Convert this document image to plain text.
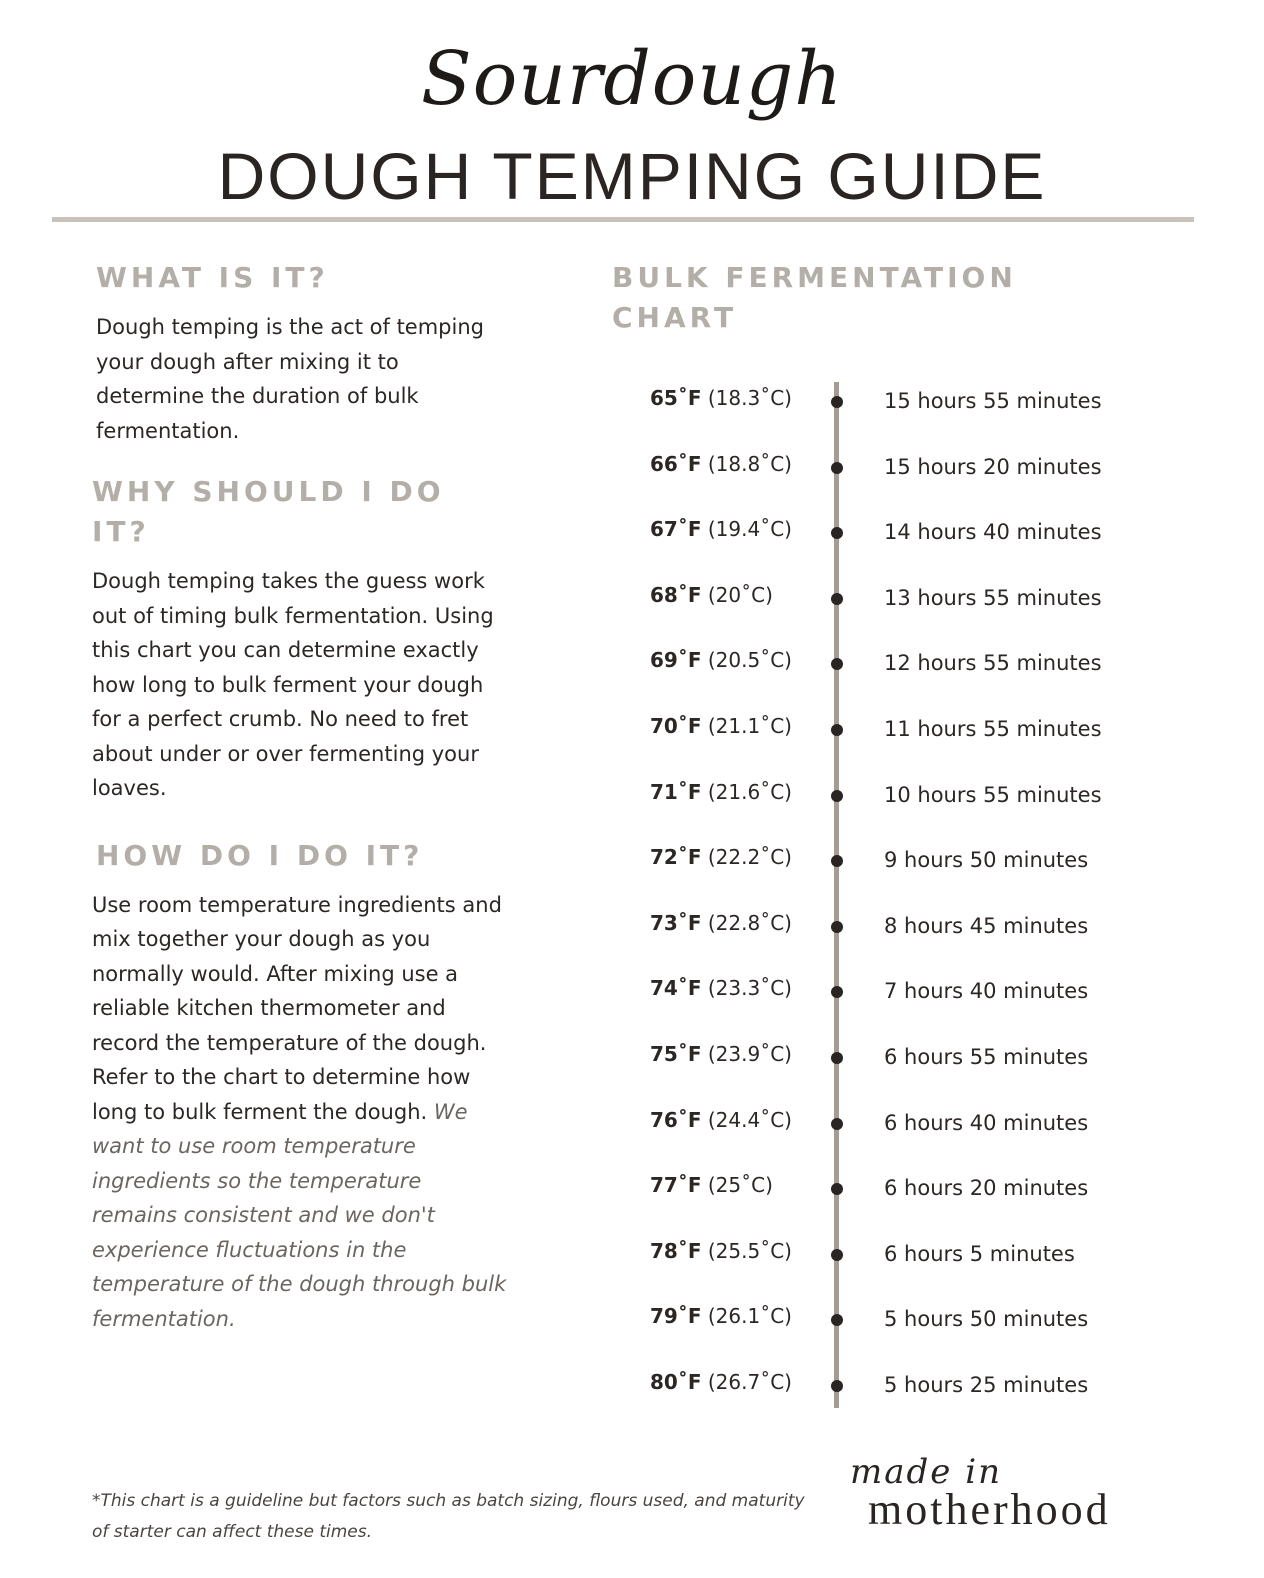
Sourdough
DOUGH TEMPING GUIDE
WHAT IS IT?

Dough temping is the act of temping your dough after mixing it to determine the duration of bulk fermentation.

WHY SHOULD I DO IT?

Dough temping takes the guess work out of timing bulk fermentation. Using this chart you can determine exactly how long to bulk ferment your dough for a perfect crumb. No need to fret about under or over fermenting your loaves.

HOW DO I DO IT?

Use room temperature ingredients and mix together your dough as you normally would. After mixing use a reliable kitchen thermometer and record the temperature of the dough. Refer to the chart to determine how long to bulk ferment the dough. We want to use room temperature ingredients so the temperature remains consistent and we don't experience fluctuations in the temperature of the dough through bulk fermentation.

BULK FERMENTATION CHART
65˚F (18.3˚C)	15 hours 55 minutes
66˚F (18.8˚C)	15 hours 20 minutes
67˚F (19.4˚C)	14 hours 40 minutes
68˚F (20˚C)	13 hours 55 minutes
69˚F (20.5˚C)	12 hours 55 minutes
70˚F (21.1˚C)	11 hours 55 minutes
71˚F (21.6˚C)	10 hours 55 minutes
72˚F (22.2˚C)	9 hours 50 minutes
73˚F (22.8˚C)	8 hours 45 minutes
74˚F (23.3˚C)	7 hours 40 minutes
75˚F (23.9˚C)	6 hours 55 minutes
76˚F (24.4˚C)	6 hours 40 minutes
77˚F (25˚C)	6 hours 20 minutes
78˚F (25.5˚C)	6 hours 5 minutes
79˚F (26.1˚C)	5 hours 50 minutes
80˚F (26.7˚C)	5 hours 25 minutes
*This chart is a guideline but factors such as batch sizing, flours used, and maturity of starter can affect these times.
made in
motherhood
